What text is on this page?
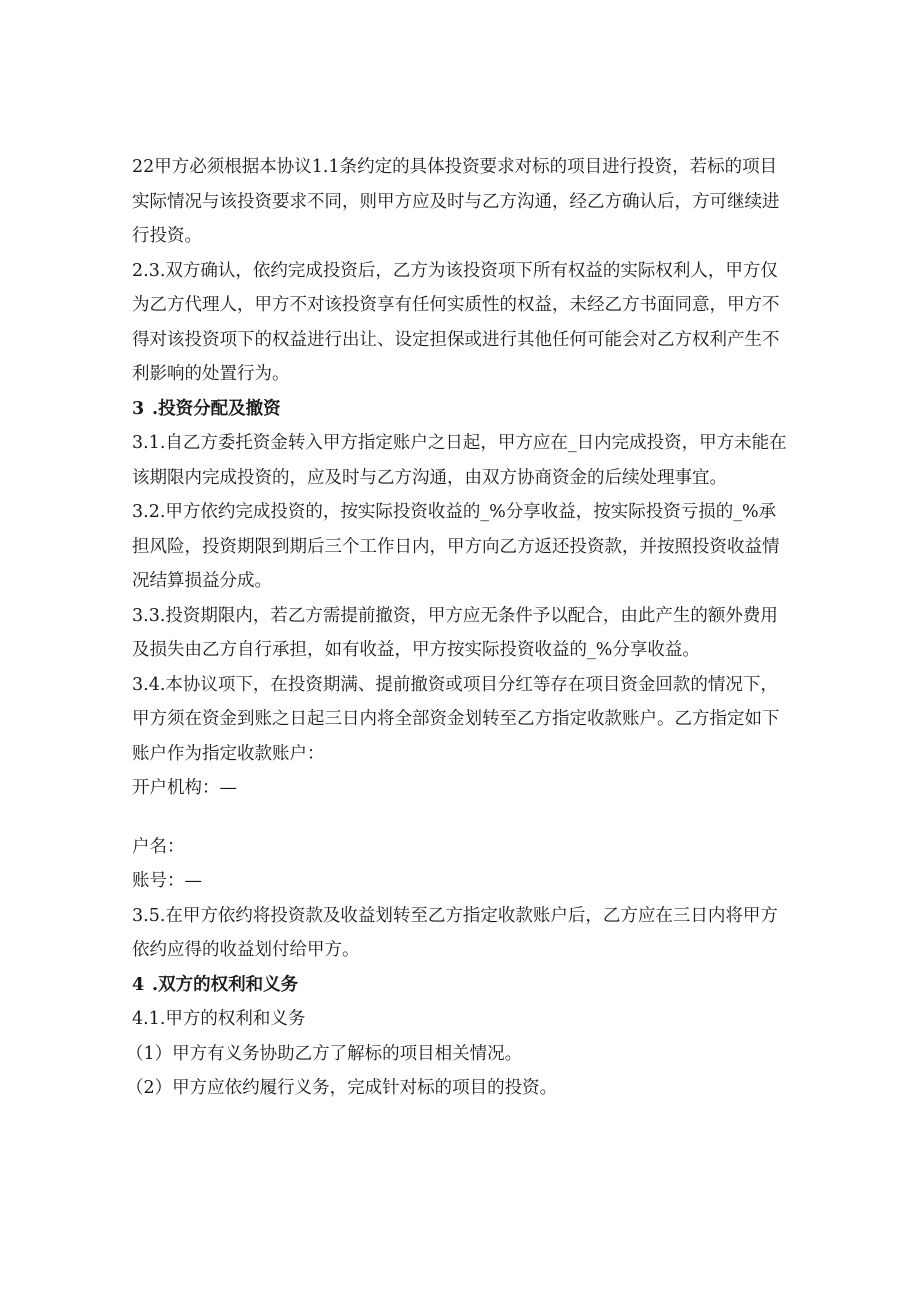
22甲方必须根据本协议1.1条约定的具体投资要求对标的项目进行投资，若标的项目实际情况与该投资要求不同，则甲方应及时与乙方沟通，经乙方确认后，方可继续进行投资。

2.3.双方确认，依约完成投资后，乙方为该投资项下所有权益的实际权利人，甲方仅为乙方代理人，甲方不对该投资享有任何实质性的权益，未经乙方书面同意，甲方不得对该投资项下的权益进行出让、设定担保或进行其他任何可能会对乙方权利产生不利影响的处置行为。

3 .投资分配及撤资

3.1.自乙方委托资金转入甲方指定账户之日起，甲方应在_日内完成投资，甲方未能在该期限内完成投资的，应及时与乙方沟通，由双方协商资金的后续处理事宜。

3.2.甲方依约完成投资的，按实际投资收益的_%分享收益，按实际投资亏损的_%承担风险，投资期限到期后三个工作日内，甲方向乙方返还投资款，并按照投资收益情况结算损益分成。

3.3.投资期限内，若乙方需提前撤资，甲方应无条件予以配合，由此产生的额外费用及损失由乙方自行承担，如有收益，甲方按实际投资收益的_%分享收益。

3.4.本协议项下，在投资期满、提前撤资或项目分红等存在项目资金回款的情况下，甲方须在资金到账之日起三日内将全部资金划转至乙方指定收款账户。乙方指定如下账户作为指定收款账户：

开户机构：—

户名：

账号：—

3.5.在甲方依约将投资款及收益划转至乙方指定收款账户后，乙方应在三日内将甲方依约应得的收益划付给甲方。

4 .双方的权利和义务

4.1.甲方的权利和义务

（1）甲方有义务协助乙方了解标的项目相关情况。

（2）甲方应依约履行义务，完成针对标的项目的投资。
